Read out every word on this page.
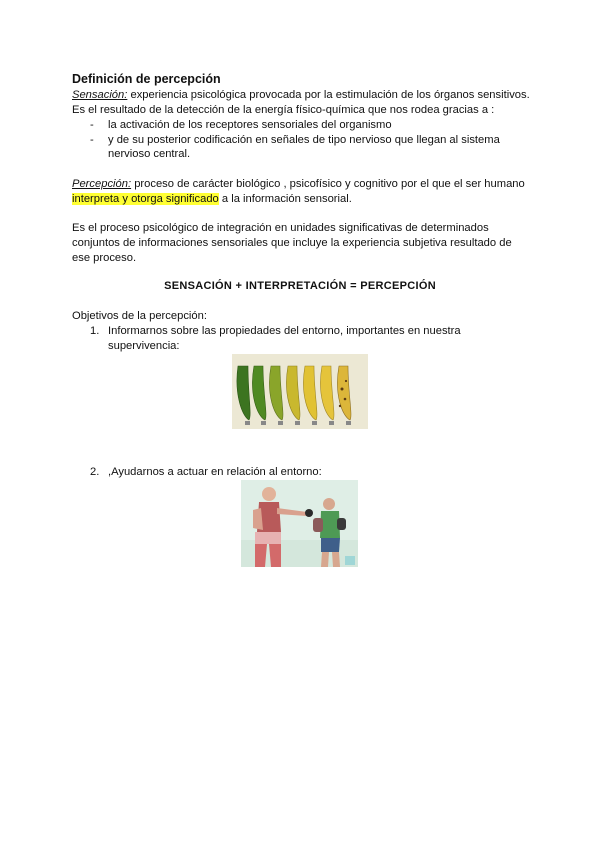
Definición de percepción
Sensación: experiencia psicológica provocada por la estimulación de los órganos sensitivos.
Es el resultado de la detección de la energía físico-química que nos rodea gracias a :
- la activación de los receptores sensoriales del organismo
- y de su posterior codificación en señales de tipo nervioso que llegan al sistema
nervioso central.
Percepción: proceso de carácter biológico , psicofísico y cognitivo por el que el ser humano
interpreta y otorga significado a la información sensorial.
Es el proceso psicológico de integración en unidades significativas de determinados
conjuntos de informaciones sensoriales que incluye la experiencia subjetiva resultado de
ese proceso.
SENSACIÓN + INTERPRETACIÓN = PERCEPCIÓN
Objetivos de la percepción:
1. Informarnos sobre las propiedades del entorno, importantes en nuestra
supervivencia:
2. ,Ayudarnos a actuar en relación al entorno:
